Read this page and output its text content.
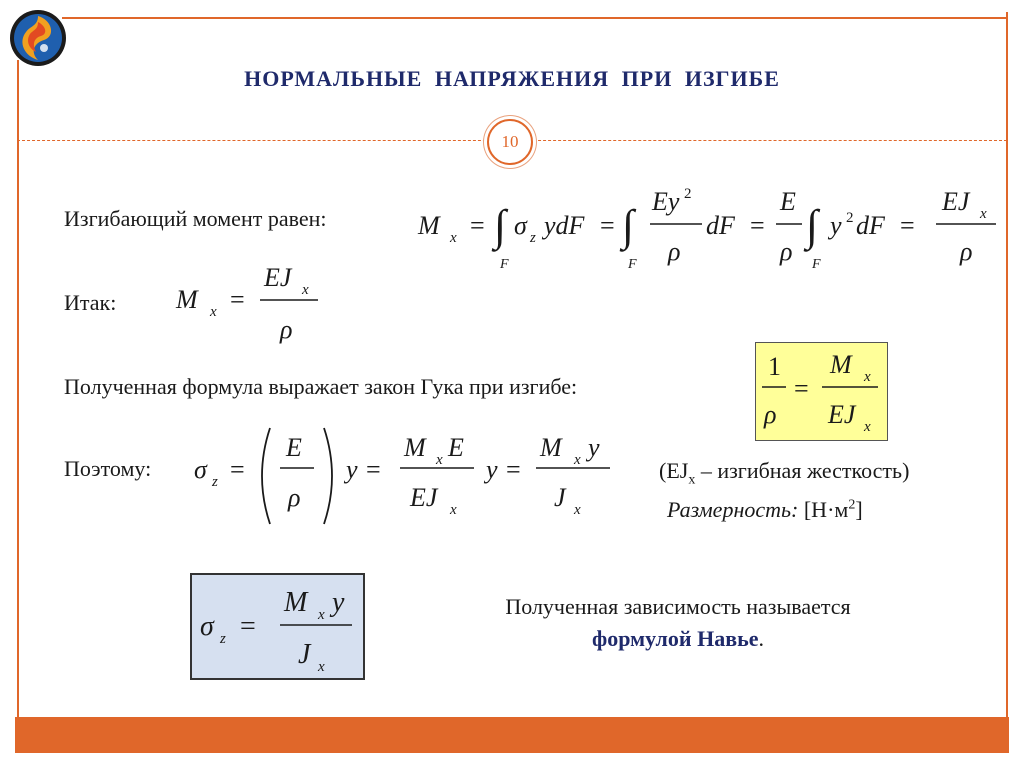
НОРМАЛЬНЫЕ НАПРЯЖЕНИЯ ПРИ ИЗГИБЕ
10
Изгибающий момент равен:	M x = ∫
F
σ z ydF = ∫
F
Ey 2
ρ
dF =
E
ρ
∫
F
y 2 dF =
EJ x
ρ
Итак: M x =
EJ x
ρ
Полученная формула выражает закон Гука при изгибе:
1
ρ
=
M x
EJ x
Поэтому: σ z =
E
ρ
y =
M x E
EJ x
y =
M x y
J x
($EJ_x$ – изгибная жесткость)
Размерность: $[Н\cdot м^2]$
σ z =
M x y
J x
Полученная зависимость называется
формулой Навье.
